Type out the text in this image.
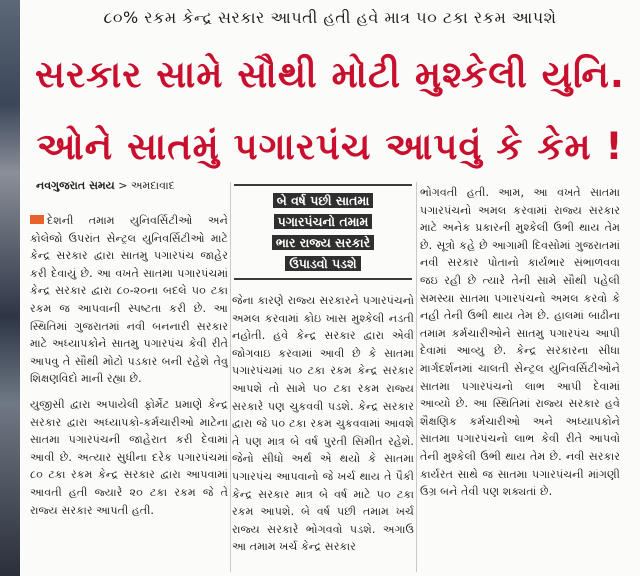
૮૦% રકમ કેન્દ્ર સરકાર આપતી હતી હવે માત્ર ૫૦ ટકા રકમ આપશે
સરકાર સામે સૌથી મોટી મુશ્કેલી યુનિ.
ઓને સાતમું પગારપંચ આપવું કે કેમ !
નવગુજરાત સમય > અમદાવાદ

દેશની તમામ યુનિવર્સિટીઓ અને કોલેજો ઉપરાંત સેન્ટ્રલ યુનિવર્સિટીઓ માટે કેન્દ્ર સરકાર દ્વારા સાતમુ પગારપંચ જાહેર કરી દેવાયું છે. આ વખતે સાતમા પગારપંચમાં કેન્દ્ર સરકાર દ્વારા ૮૦-૨૦ના બદલે ૫૦ ટકા રકમ જ આપવાની સ્પષ્ટતા કરી છે. આ સ્થિતિમાં ગુજરાતમાં નવી બનનારી સરકાર માટે અધ્યાપકોને સાતમુ પગારપંચ કેવી રીતે આપવુ તે સૌથી મોટો પડકાર બની રહેશે તેવુ શિક્ષણવિદો માની રહ્યા છે.

યુજીસી દ્વારા અપાયેલી ફોર્મેટ પ્રમાણે કેન્દ્ર સરકાર દ્વારા અધ્યાપકો-કર્મચારીઓ માટેના સાતમા પગારપંચની જાહેરાત કરી દેવામાં આવી છે. અત્યાર સુધીના દરેક પગારપંચમાં ૮૦ ટકા રકમ કેન્દ્ર સરકાર દ્વારા આપવામાં આવતી હતી જ્યારે ૨૦ ટકા રકમ જે તે રાજ્ય સરકાર આપતી હતી.

બે વર્ષ પછી સાતમા
પગારપંચનો તમામ
ભાર રાજ્ય સરકારે
ઉપાડવો પડશે

જેના કારણે રાજ્ય સરકારને પગારપંચનો અમલ કરવામાં કોઇ ખાસ મુશ્કેલી નડતી નહોતી. હવે કેન્દ્ર સરકાર દ્વારા એવી જોગવાઇ કરવામાં આવી છે કે સાતમા પગારપંચમાં ૫૦ ટકા રકમ કેન્દ્ર સરકાર આપશે તો સામે ૫૦ ટકા રકમ રાજ્ય સરકારે પણ ચુકવવી પડશે. કેન્દ્ર સરકાર દ્વારા જે ૫૦ ટકા રકમ ચુકવવામાં આવશે તે પણ માત્ર બે વર્ષ પુરતી સિમીત રહેશે. જેનો સીધો અર્થ એ થયો કે સાતમા પગારપંચ આપવાનો જે ખર્ચ થાય તે પૈકી કેન્દ્ર સરકાર માત્ર બે વર્ષ માટે ૫૦ ટકા રકમ આપશે. બે વર્ષ પછી તમામ ખર્ચ રાજ્ય સરકારે ભોગવવો પડશે. અગાઉ આ તમામ ખર્ચ કેન્દ્ર સરકાર

ભોગવતી હતી. આમ, આ વખતે સાતમા પગારપંચનો અમલ કરવામાં રાજ્ય સરકાર માટે અનેક પ્રકારની મુશ્કેલી ઉભી થાય તેમ છે. સૂત્રો કહે છે આગામી દિવસોમાં ગુજરાતમાં નવી સરકાર પોતાનો કાર્યભાર સંભાળવવા જઇ રહી છે ત્યારે તેની સામે સૌથી પહેલી સમસ્યા સાતમા પગારપંચનો અમલ કરવો કે નહી તેની ઉભી થાય તેમ છે. હાલમાં બાઢીના તમામ કર્મચારીઓને સાતમુ પગારપંચ આપી દેવામાં આવ્યુ છે. કેન્દ્ર સરકારના સીધા માર્ગદર્શનમાં ચાલતી સેન્ટ્રલ યુનિવર્સિટીઓને સાતમા પગારપંચનો લાભ આપી દેવામાં આવ્યો છે. આ સ્થિતિમાં રાજ્ય સરકાર હવે શૈક્ષણિક કર્મચારીઓ અને અધ્યાપકોને સાતમા પગારપંચનો લાભ કેવી રીતે આપવો તેની મુશ્કેલી ઉભી થાય તેમ છે. નવી સરકાર કાર્યરત સાથે જ સાતમા પગારપંચની માંગણી ઉગ્ર બને તેવી પણ શક્યતાં છે.
